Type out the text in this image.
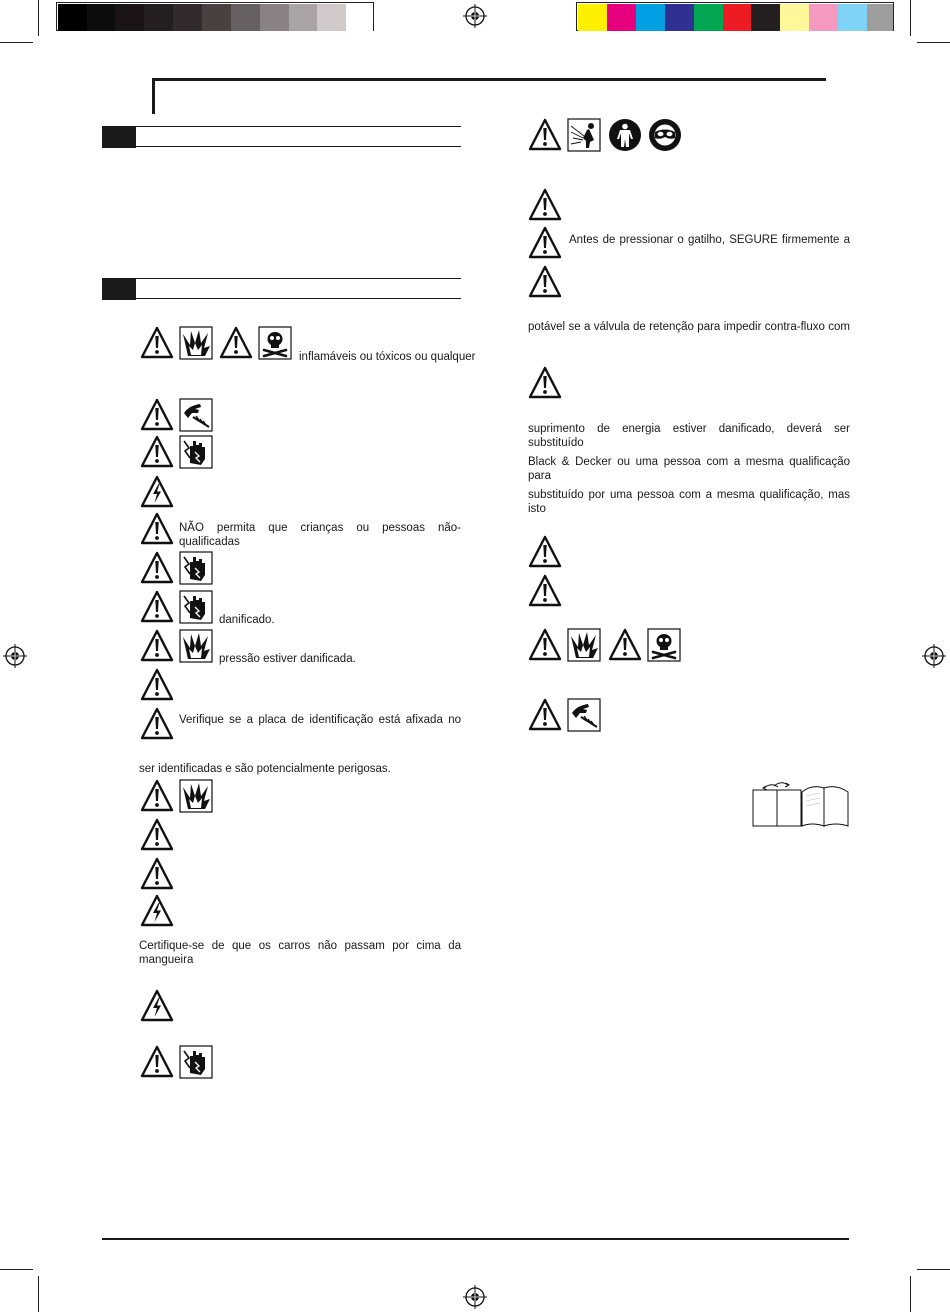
inflamáveis ou tóxicos ou qualquer
NÃO permita que crianças ou pessoas não-qualificadas
danificado.
pressão estiver danificada.
Verifique se a placa de identificação está afixada no
ser identificadas e são potencialmente perigosas.
Certifique-se de que os carros não passam por cima da mangueira
Antes de pressionar o gatilho, SEGURE firmemente a
potável se a válvula de retenção para impedir contra-fluxo com
suprimento de energia estiver danificado, deverá ser substituído
Black & Decker ou uma pessoa com a mesma qualificação para
substituído por uma pessoa com a mesma qualificação, mas isto
